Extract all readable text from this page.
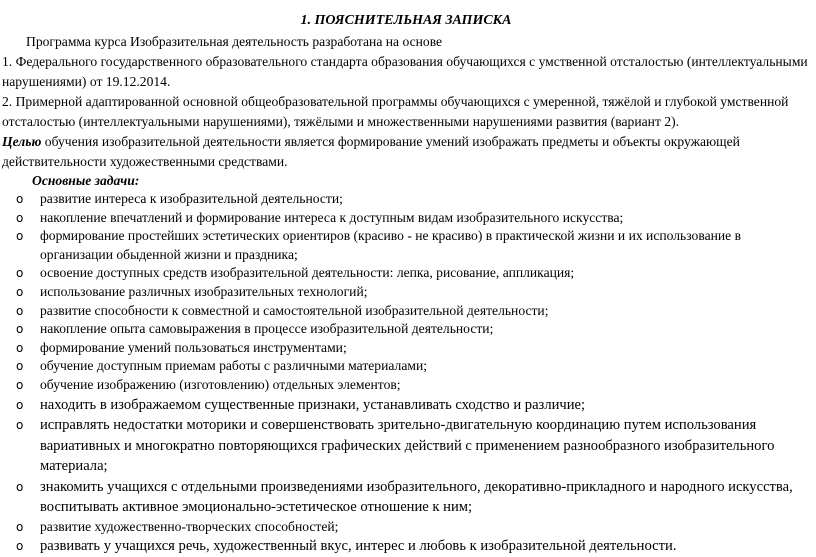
1. ПОЯСНИТЕЛЬНАЯ ЗАПИСКА
Программа курса Изобразительная деятельность разработана на основе
1. Федерального государственного образовательного стандарта образования обучающихся с умственной отсталостью (интеллектуальными нарушениями) от 19.12.2014.
2. Примерной адаптированной основной общеобразовательной программы обучающихся с умеренной, тяжёлой и глубокой умственной отсталостью (интеллектуальными нарушениями), тяжёлыми и множественными нарушениями развития (вариант 2).
Целью обучения изобразительной деятельности является формирование умений изображать предметы и объекты окружающей действительности художественными средствами.
Основные задачи:
o развитие интереса к изобразительной деятельности;
o накопление впечатлений и формирование интереса к доступным видам изобразительного искусства;
o формирование простейших эстетических ориентиров (красиво - не красиво) в практической жизни и их использование в организации обыденной жизни и праздника;
o освоение доступных средств изобразительной деятельности: лепка, рисование, аппликация;
o использование различных изобразительных технологий;
o развитие способности к совместной и самостоятельной изобразительной деятельности;
o накопление опыта самовыражения в процессе изобразительной деятельности;
o формирование умений пользоваться инструментами;
o обучение доступным приемам работы с различными материалами;
o обучение изображению (изготовлению) отдельных элементов;
o находить в изображаемом существенные признаки, устанавливать сходство и различие;
o исправлять недостатки моторики и совершенствовать зрительно-двигательную координацию путем использования вариативных и многократно повторяющихся графических действий с применением разнообразного изобразительного материала;
o знакомить учащихся с отдельными произведениями изобразительного, декоративно-прикладного и народного искусства, воспитывать активное эмоционально-эстетическое отношение к ним;
o развитие художественно-творческих способностей;
o развивать у учащихся речь, художественный вкус, интерес и любовь к изобразительной деятельности.
